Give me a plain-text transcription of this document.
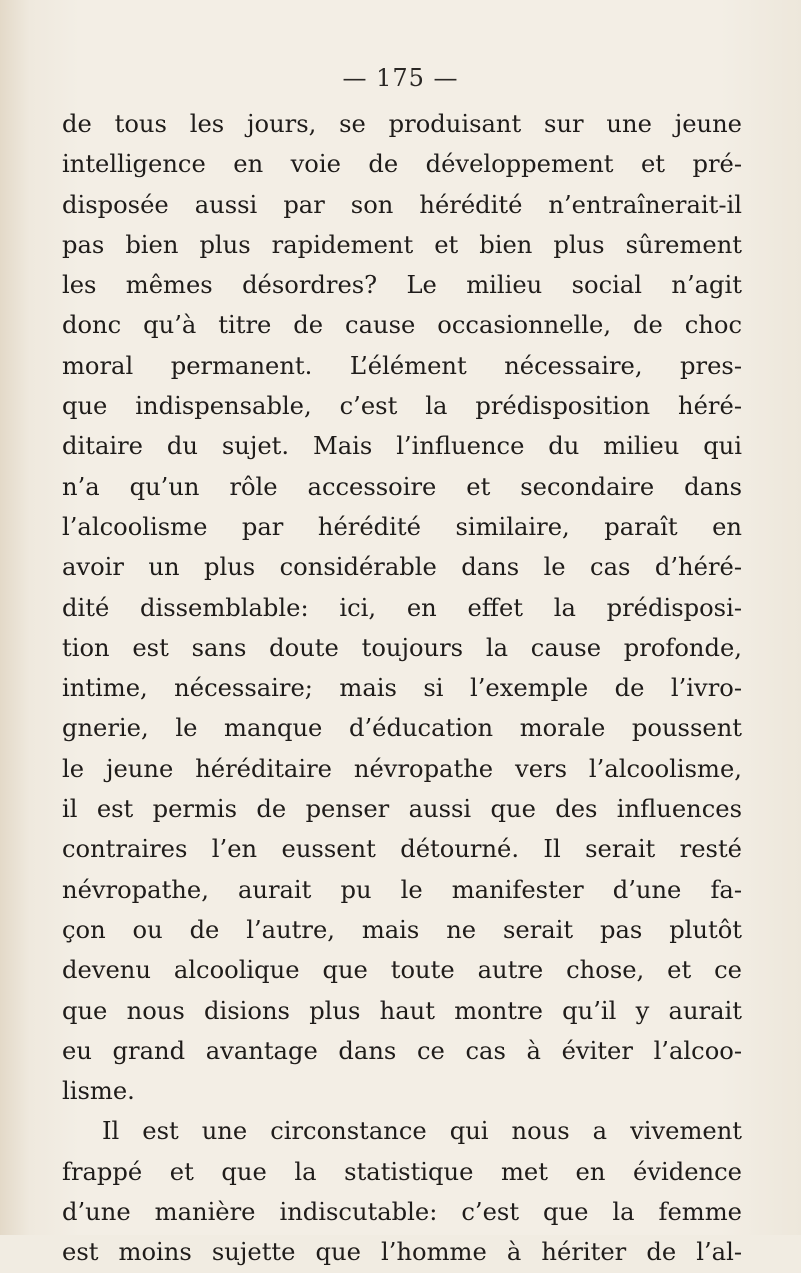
— 175 —
de tous les jours, se produisant sur une jeune
intelligence en voie de développement et pré-
disposée aussi par son hérédité n’entraînerait-il
pas bien plus rapidement et bien plus sûrement
les mêmes désordres? Le milieu social n’agit
donc qu’à titre de cause occasionnelle, de choc
moral permanent. L’élément nécessaire, pres-
que indispensable, c’est la prédisposition héré-
ditaire du sujet. Mais l’influence du milieu qui
n’a qu’un rôle accessoire et secondaire dans
l’alcoolisme par hérédité similaire, paraît en
avoir un plus considérable dans le cas d’héré-
dité dissemblable: ici, en effet la prédisposi-
tion est sans doute toujours la cause profonde,
intime, nécessaire; mais si l’exemple de l’ivro-
gnerie, le manque d’éducation morale poussent
le jeune héréditaire névropathe vers l’alcoolisme,
il est permis de penser aussi que des influences
contraires l’en eussent détourné. Il serait resté
névropathe, aurait pu le manifester d’une fa-
çon ou de l’autre, mais ne serait pas plutôt
devenu alcoolique que toute autre chose, et ce
que nous disions plus haut montre qu’il y aurait
eu grand avantage dans ce cas à éviter l’alcoo-
lisme.
Il est une circonstance qui nous a vivement
frappé et que la statistique met en évidence
d’une manière indiscutable: c’est que la femme
est moins sujette que l’homme à hériter de l’al-
